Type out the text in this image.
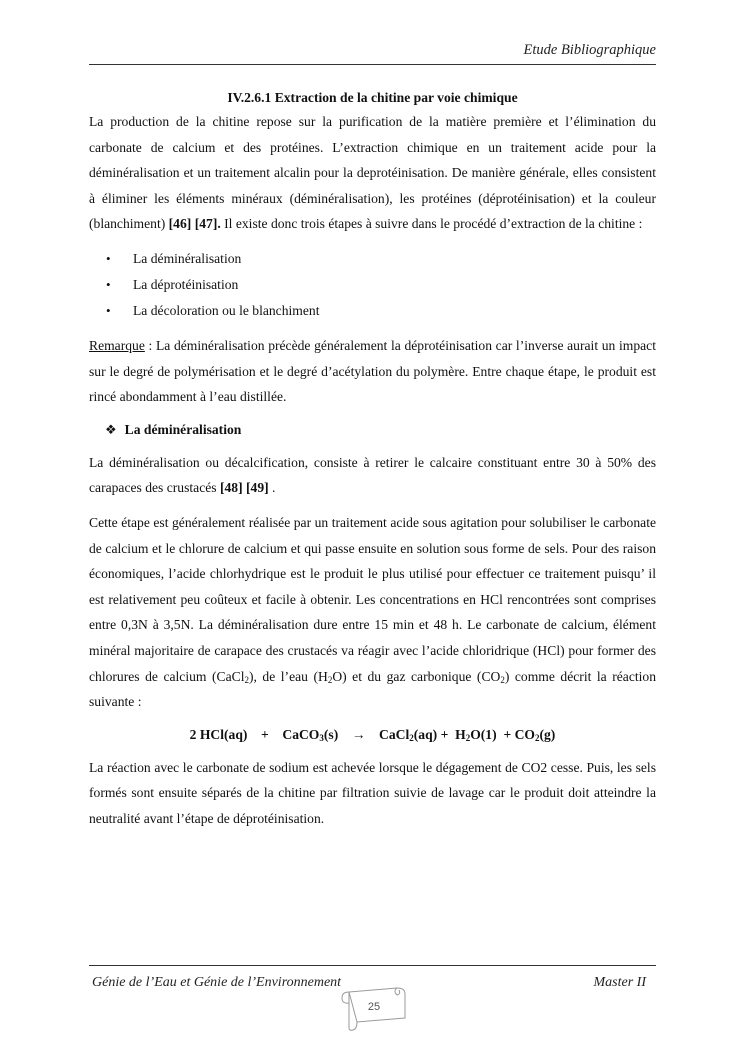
Etude Bibliographique
IV.2.6.1 Extraction de la chitine par voie chimique

La production de la chitine repose sur la purification de la matière première et l’élimination du carbonate de calcium et des protéines. L’extraction chimique en un traitement acide pour la déminéralisation et un traitement alcalin pour la deprotéinisation. De manière générale, elles consistent à éliminer les éléments minéraux (déminéralisation), les protéines (déprotéinisation) et la couleur (blanchiment) [46] [47]. Il existe donc trois étapes à suivre dans le procédé d’extraction de la chitine :

• La déminéralisation
• La déprotéinisation
• La décoloration ou le blanchiment

Remarque : La déminéralisation précède généralement la déprotéinisation car l’inverse aurait un impact sur le degré de polymérisation et le degré d’acétylation du polymère. Entre chaque étape, le produit est rincé abondamment à l’eau distillée.

❖ La déminéralisation

La déminéralisation ou décalcification, consiste à retirer le calcaire constituant entre 30 à 50% des carapaces des crustacés [48] [49] .

Cette étape est généralement réalisée par un traitement acide sous agitation pour solubiliser le carbonate de calcium et le chlorure de calcium et qui passe ensuite en solution sous forme de sels. Pour des raison économiques, l’acide chlorhydrique est le produit le plus utilisé pour effectuer ce traitement puisqu’ il est relativement peu coûteux et facile à obtenir. Les concentrations en HCl rencontrées sont comprises entre 0,3N à 3,5N. La déminéralisation dure entre 15 min et 48 h. Le carbonate de calcium, élément minéral majoritaire de carapace des crustacés va réagir avec l’acide chloridrique (HCl) pour former des chlorures de calcium (CaCl$_2$), de l’eau $(H_2O)$ et du gaz carbonique $(CO_2)$ comme décrit la réaction suivante :

2 HCl(aq) + CaCO$_3$(s) → CaCl$_2$(aq) + $H_2O(1) + CO_2(g)$

La réaction avec le carbonate de sodium est achevée lorsque le dégagement de CO2 cesse. Puis, les sels formés sont ensuite séparés de la chitine par filtration suivie de lavage car le produit doit atteindre la neutralité avant l’étape de déprotéinisation.

Génie de l’Eau et Génie de l’Environnement	Master II
25
